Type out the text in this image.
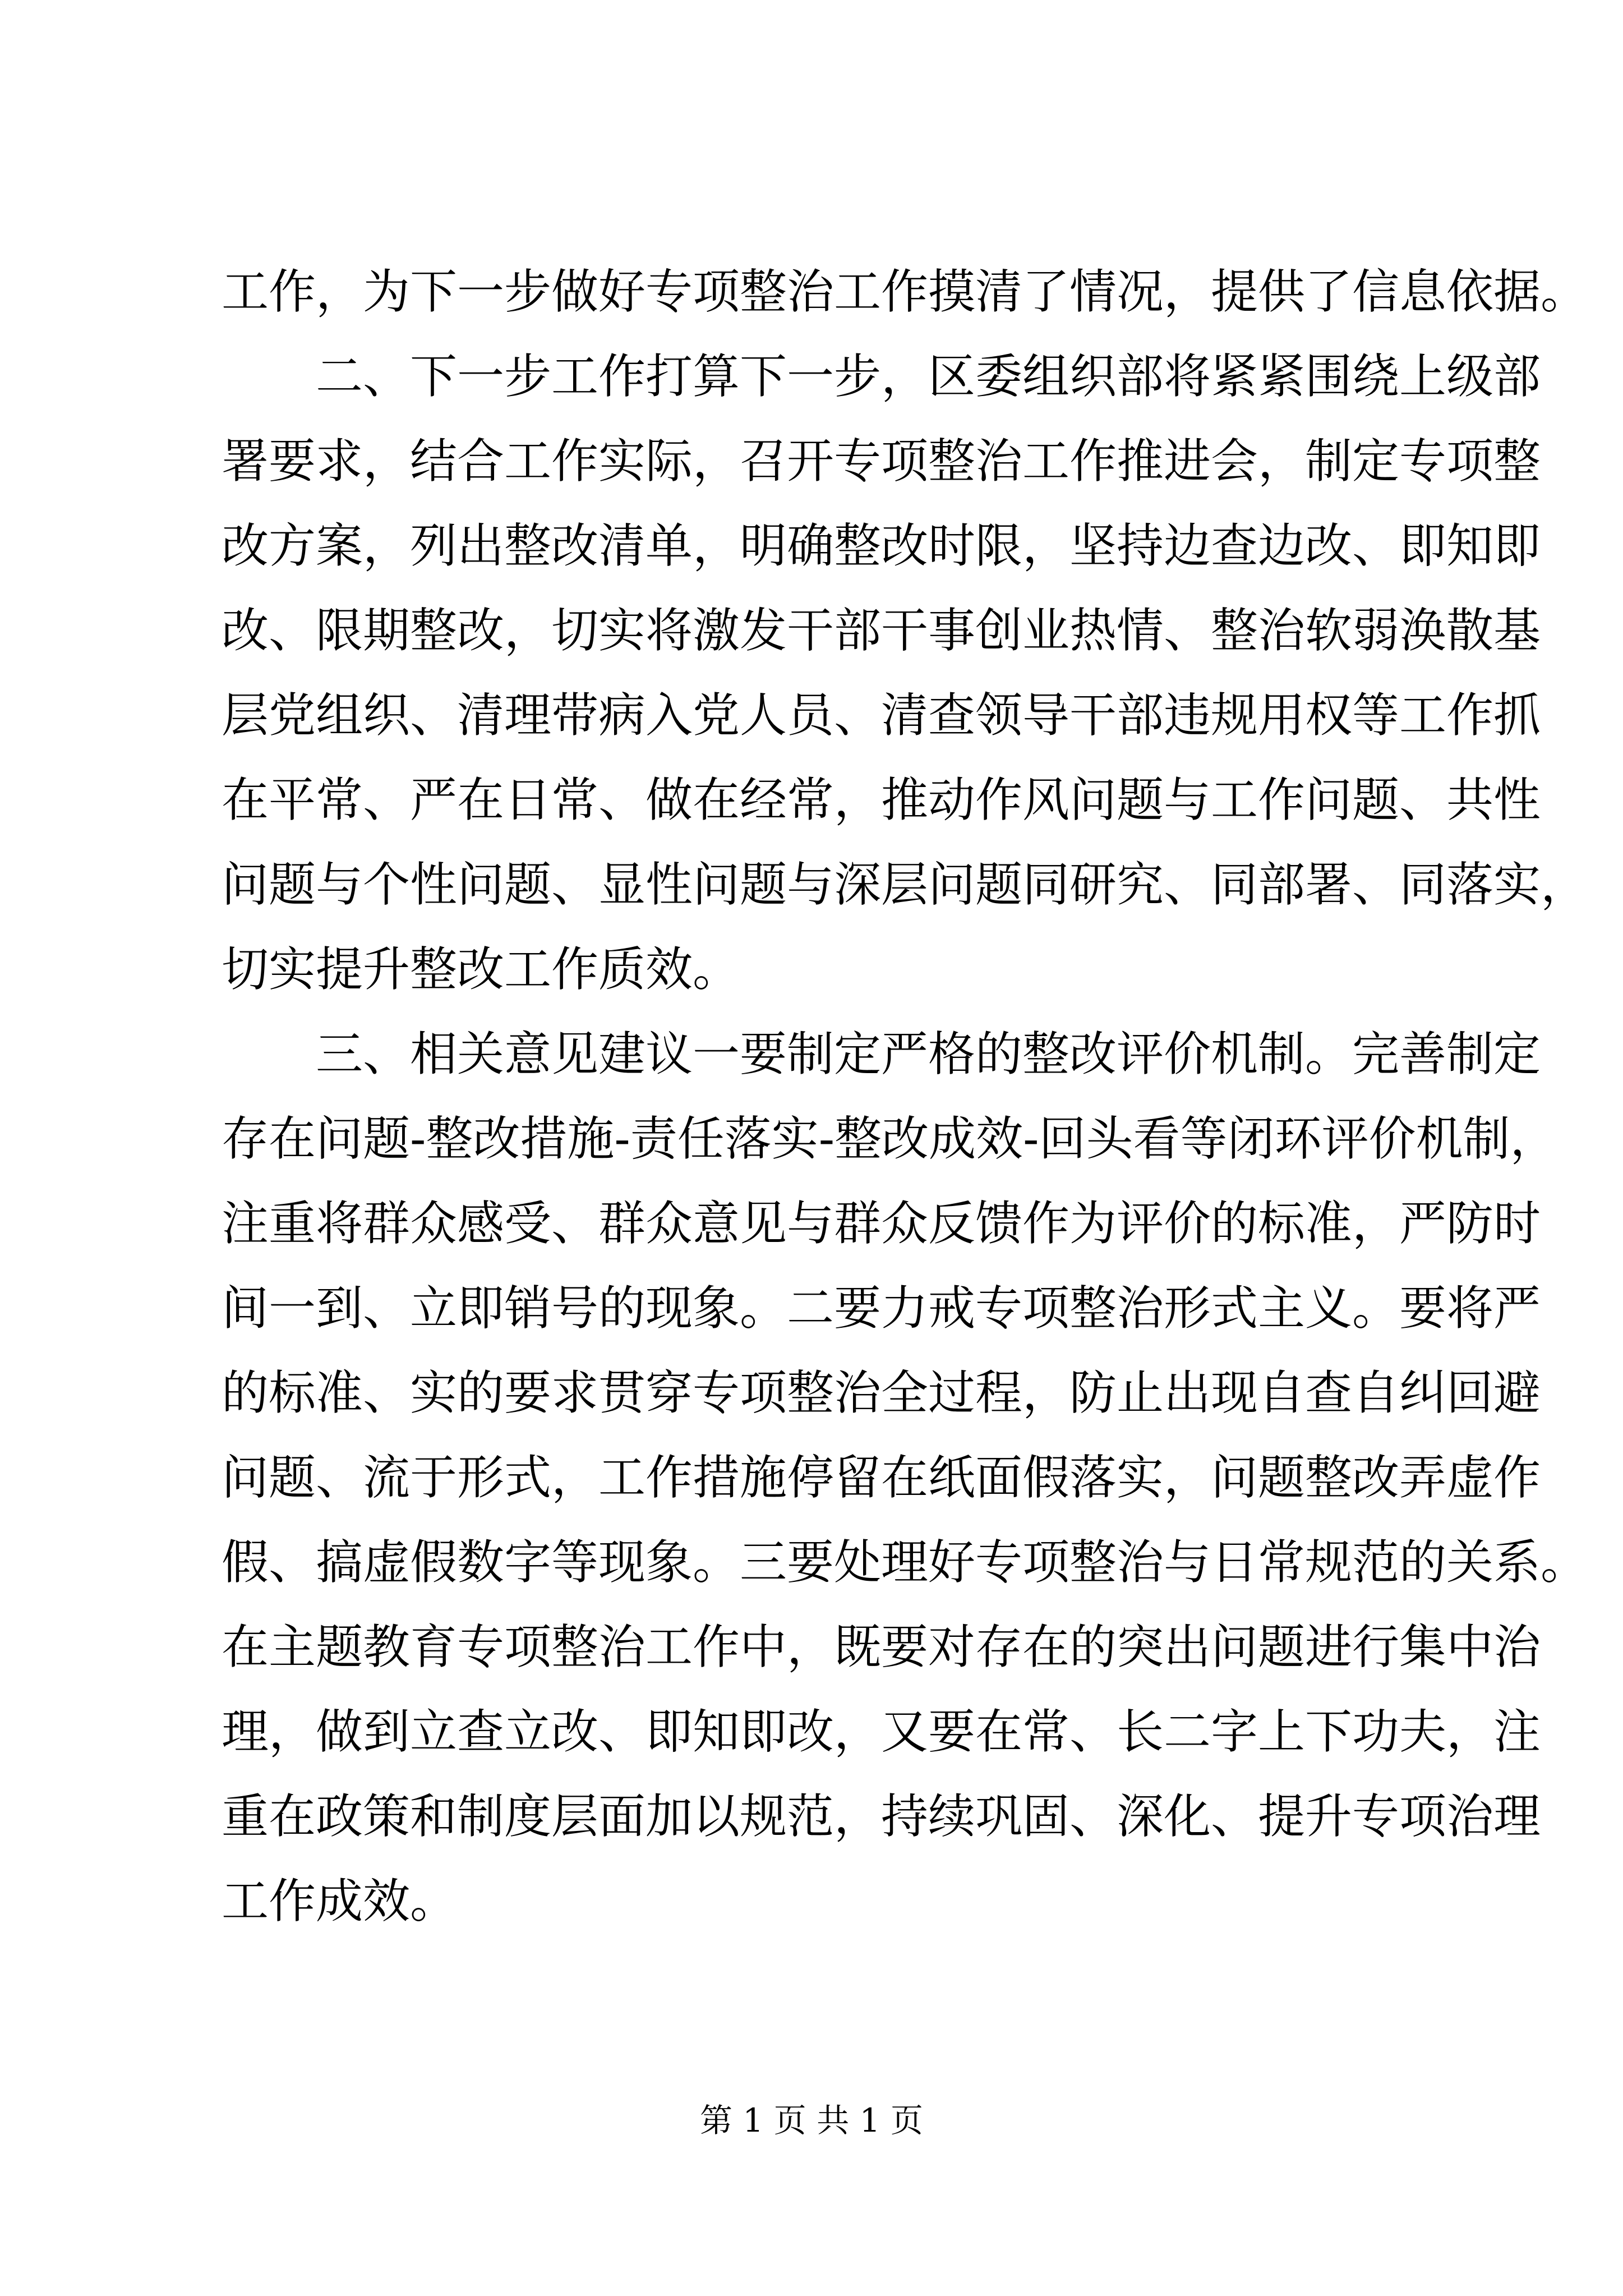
工作，为下一步做好专项整治工作摸清了情况，提供了信息依据。
二、下一步工作打算下一步，区委组织部将紧紧围绕上级部
署要求，结合工作实际，召开专项整治工作推进会，制定专项整
改方案，列出整改清单，明确整改时限，坚持边查边改、即知即
改、限期整改，切实将激发干部干事创业热情、整治软弱涣散基
层党组织、清理带病入党人员、清查领导干部违规用权等工作抓
在平常、严在日常、做在经常，推动作风问题与工作问题、共性
问题与个性问题、显性问题与深层问题同研究、同部署、同落实，
切实提升整改工作质效。
三、相关意见建议一要制定严格的整改评价机制。完善制定
存在问题-整改措施-责任落实-整改成效-回头看等闭环评价机制，
注重将群众感受、群众意见与群众反馈作为评价的标准，严防时
间一到、立即销号的现象。二要力戒专项整治形式主义。要将严
的标准、实的要求贯穿专项整治全过程，防止出现自查自纠回避
问题、流于形式，工作措施停留在纸面假落实，问题整改弄虚作
假、搞虚假数字等现象。三要处理好专项整治与日常规范的关系。
在主题教育专项整治工作中，既要对存在的突出问题进行集中治
理，做到立查立改、即知即改，又要在常、长二字上下功夫，注
重在政策和制度层面加以规范，持续巩固、深化、提升专项治理
工作成效。
第 1 页 共 1 页
